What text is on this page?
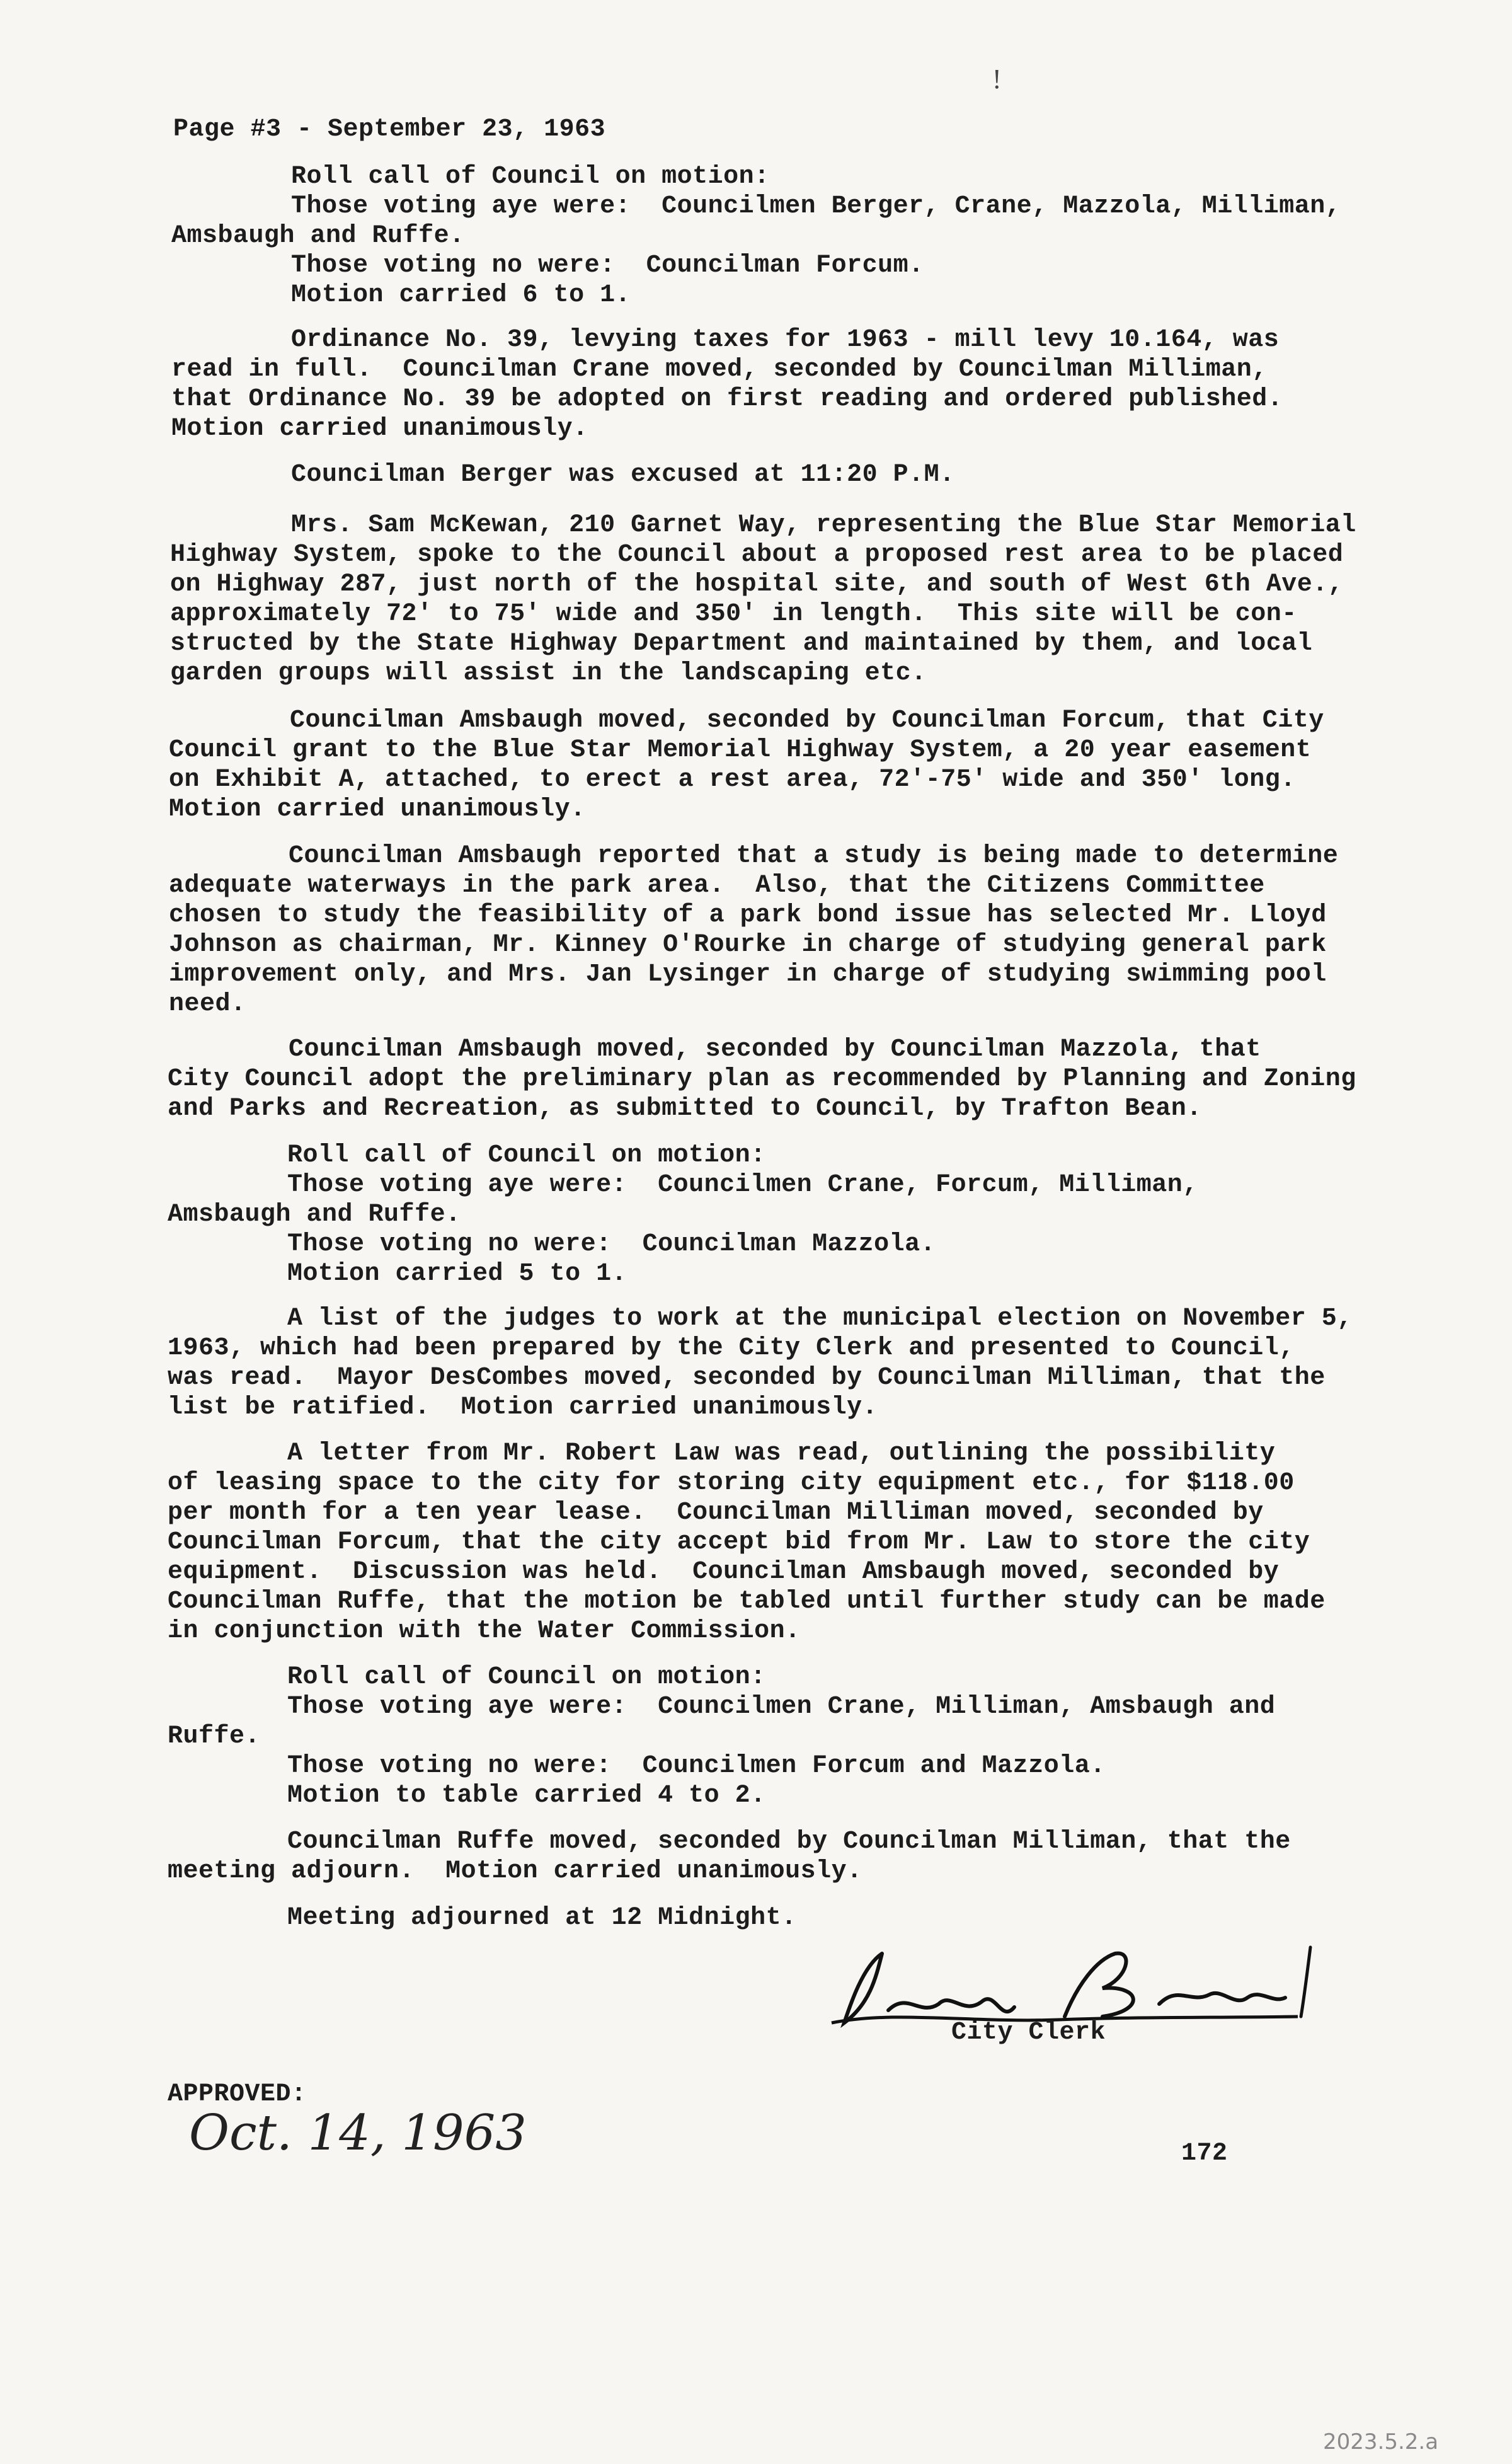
!
Page #3 - September 23, 1963
Roll call of Council on motion:
Those voting aye were:  Councilmen Berger, Crane, Mazzola, Milliman,
Amsbaugh and Ruffe.
Those voting no were:  Councilman Forcum.
Motion carried 6 to 1.
Ordinance No. 39, levying taxes for 1963 - mill levy 10.164, was
read in full.  Councilman Crane moved, seconded by Councilman Milliman,
that Ordinance No. 39 be adopted on first reading and ordered published.
Motion carried unanimously.
Councilman Berger was excused at 11:20 P.M.
Mrs. Sam McKewan, 210 Garnet Way, representing the Blue Star Memorial
Highway System, spoke to the Council about a proposed rest area to be placed
on Highway 287, just north of the hospital site, and south of West 6th Ave.,
approximately 72' to 75' wide and 350' in length.  This site will be con-
structed by the State Highway Department and maintained by them, and local
garden groups will assist in the landscaping etc.
Councilman Amsbaugh moved, seconded by Councilman Forcum, that City
Council grant to the Blue Star Memorial Highway System, a 20 year easement
on Exhibit A, attached, to erect a rest area, 72'-75' wide and 350' long.
Motion carried unanimously.
Councilman Amsbaugh reported that a study is being made to determine
adequate waterways in the park area.  Also, that the Citizens Committee
chosen to study the feasibility of a park bond issue has selected Mr. Lloyd
Johnson as chairman, Mr. Kinney O'Rourke in charge of studying general park
improvement only, and Mrs. Jan Lysinger in charge of studying swimming pool
need.
Councilman Amsbaugh moved, seconded by Councilman Mazzola, that
City Council adopt the preliminary plan as recommended by Planning and Zoning
and Parks and Recreation, as submitted to Council, by Trafton Bean.
Roll call of Council on motion:
Those voting aye were:  Councilmen Crane, Forcum, Milliman,
Amsbaugh and Ruffe.
Those voting no were:  Councilman Mazzola.
Motion carried 5 to 1.
A list of the judges to work at the municipal election on November 5,
1963, which had been prepared by the City Clerk and presented to Council,
was read.  Mayor DesCombes moved, seconded by Councilman Milliman, that the
list be ratified.  Motion carried unanimously.
A letter from Mr. Robert Law was read, outlining the possibility
of leasing space to the city for storing city equipment etc., for $118.00
per month for a ten year lease.  Councilman Milliman moved, seconded by
Councilman Forcum, that the city accept bid from Mr. Law to store the city
equipment.  Discussion was held.  Councilman Amsbaugh moved, seconded by
Councilman Ruffe, that the motion be tabled until further study can be made
in conjunction with the Water Commission.
Roll call of Council on motion:
Those voting aye were:  Councilmen Crane, Milliman, Amsbaugh and
Ruffe.
Those voting no were:  Councilmen Forcum and Mazzola.
Motion to table carried 4 to 2.
Councilman Ruffe moved, seconded by Councilman Milliman, that the
meeting adjourn.  Motion carried unanimously.
Meeting adjourned at 12 Midnight.
City Clerk
APPROVED:
Oct. 14, 1963	172
2023.5.2.a
